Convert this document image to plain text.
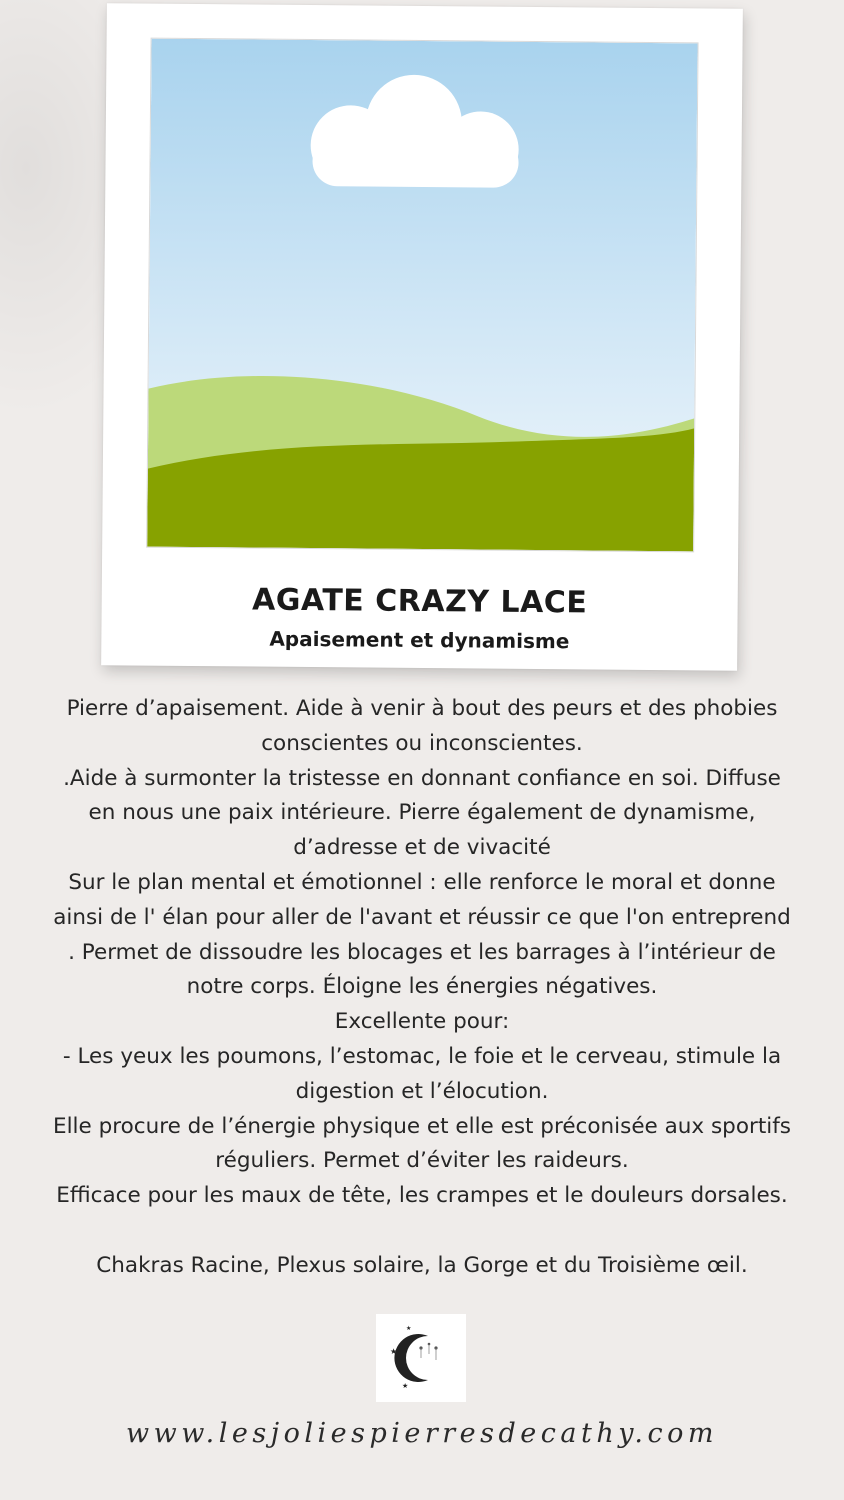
AGATE CRAZY LACE
Apaisement et dynamisme

Pierre d’apaisement. Aide à venir à bout des peurs et des phobies

conscientes ou inconscientes.

.Aide à surmonter la tristesse en donnant confiance en soi. Diffuse

en nous une paix intérieure. Pierre également de dynamisme,

d’adresse et de vivacité

Sur le plan mental et émotionnel : elle renforce le moral et donne

ainsi de l' élan pour aller de l'avant et réussir ce que l'on entreprend

. Permet de dissoudre les blocages et les barrages à l’intérieur de

notre corps. Éloigne les énergies négatives.

Excellente pour:

- Les yeux les poumons, l’estomac, le foie et le cerveau, stimule la

digestion et l’élocution.

Elle procure de l’énergie physique et elle est préconisée aux sportifs

réguliers. Permet d’éviter les raideurs.

Efficace pour les maux de tête, les crampes et le douleurs dorsales.

Chakras Racine, Plexus solaire, la Gorge et du Troisième œil.

★
★
★
www.lesjoliespierresdecathy.com
